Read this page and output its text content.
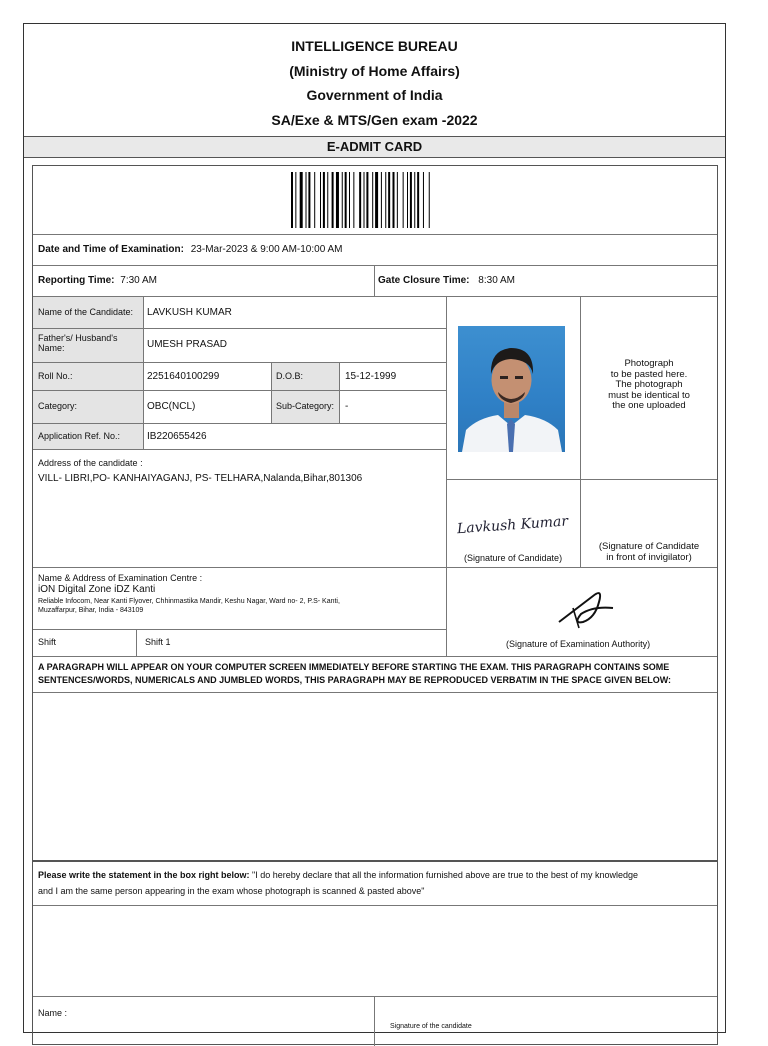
INTELLIGENCE BUREAU
(Ministry of Home Affairs)
Government of India
SA/Exe & MTS/Gen exam -2022
E-ADMIT CARD
Date and Time of Examination: 23-Mar-2023 & 9:00 AM-10:00 AM
Reporting Time: 7:30 AM	Gate Closure Time: 8:30 AM
Name of the Candidate: LAVKUSH KUMAR
Father's/ Husband's Name:	UMESH PRASAD
Roll No.:	2251640100299	D.O.B:	15-12-1999
Category:	OBC(NCL)	Sub-Category: -
Application Ref. No.:	IB220655426
Address of the candidate :
VILL- LIBRI,PO- KANHAIYAGANJ, PS- TELHARA,Nalanda,Bihar,801306
Photograph
to be pasted here.
The photograph
must be identical to
the one uploaded
Lavkush Kumar
(Signature of Candidate)
(Signature of Candidate
in front of invigilator)
Name & Address of Examination Centre :
iON Digital Zone iDZ Kanti
Reliable Infocom, Near Kanti Flyover, Chhinmastika Mandir, Keshu Nagar, Ward no- 2, P.S- Kanti,
Muzaffarpur, Bihar, India - 843109
Shift	Shift 1	(Signature of Examination Authority)
A PARAGRAPH WILL APPEAR ON YOUR COMPUTER SCREEN IMMEDIATELY BEFORE STARTING THE EXAM. THIS PARAGRAPH CONTAINS SOME
SENTENCES/WORDS, NUMERICALS AND JUMBLED WORDS, THIS PARAGRAPH MAY BE REPRODUCED VERBATIM IN THE SPACE GIVEN BELOW:
Please write the statement in the box right below: "I do hereby declare that all the information furnished above are true to the best of my knowledge
and I am the same person appearing in the exam whose photograph is scanned & pasted above"
Name :
Signature of the candidate
